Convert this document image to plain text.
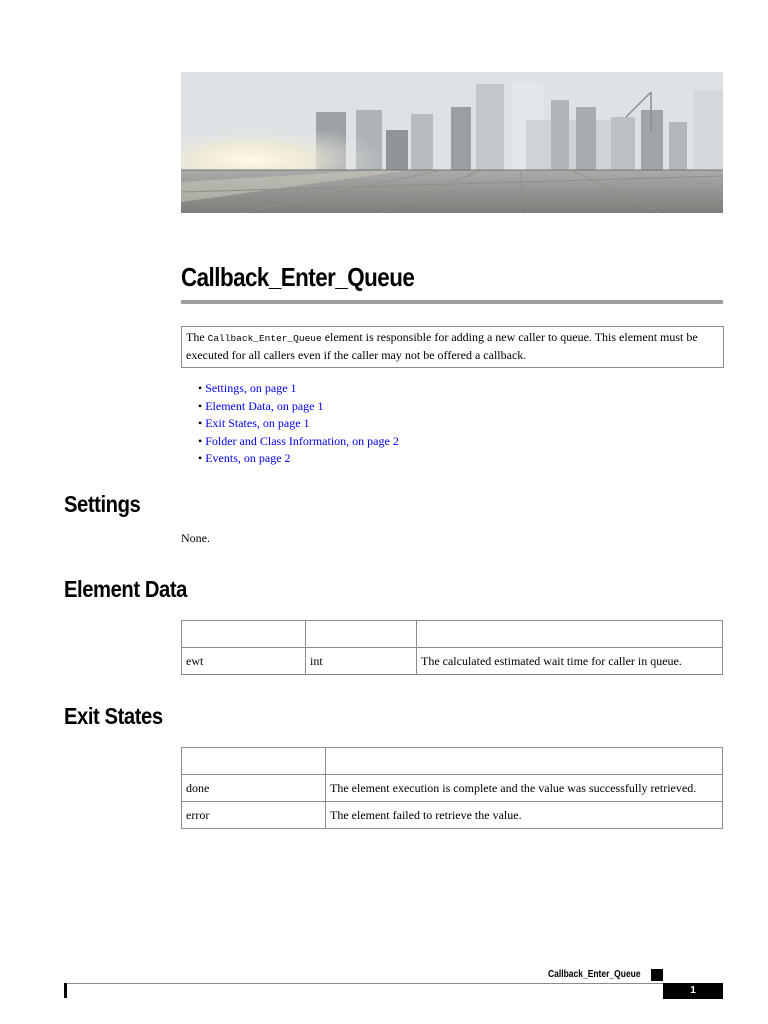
Callback_Enter_Queue
The Callback_Enter_Queue element is responsible for adding a new caller to queue. This element must be executed for all callers even if the caller may not be offered a callback.
• Settings, on page 1
• Element Data, on page 1
• Exit States, on page 1
• Folder and Class Information, on page 2
• Events, on page 2
Settings
None.
Element Data

ewt	int	The calculated estimated wait time for caller in queue.
Exit States

done	The element execution is complete and the value was successfully retrieved.
error	The element failed to retrieve the value.
Callback_Enter_Queue
1
